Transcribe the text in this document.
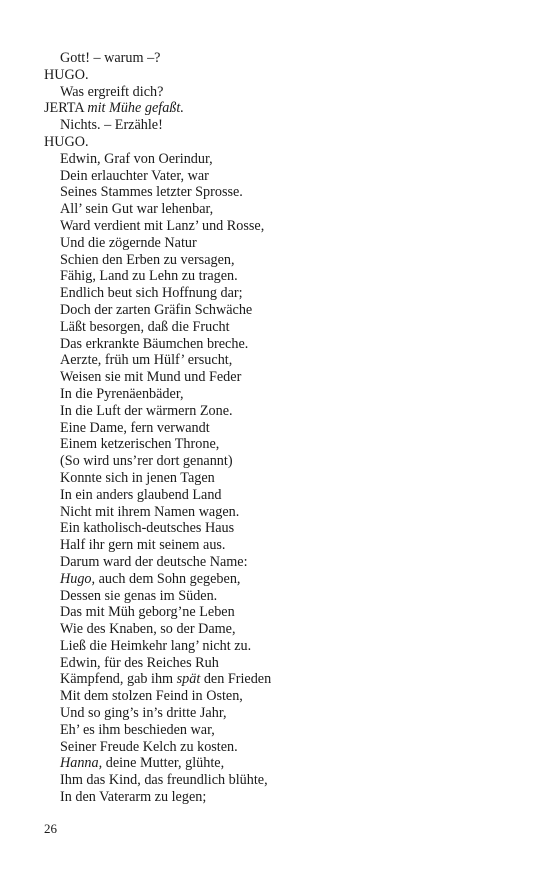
Gott! – warum –?
HUGO.
Was ergreift dich?
JERTA mit Mühe gefaßt.
Nichts. – Erzähle!
HUGO.
Edwin, Graf von Oerindur,
Dein erlauchter Vater, war
Seines Stammes letzter Sprosse.
All’ sein Gut war lehenbar,
Ward verdient mit Lanz’ und Rosse,
Und die zögernde Natur
Schien den Erben zu versagen,
Fähig, Land zu Lehn zu tragen.
Endlich beut sich Hoffnung dar;
Doch der zarten Gräfin Schwäche
Läßt besorgen, daß die Frucht
Das erkrankte Bäumchen breche.
Aerzte, früh um Hülf’ ersucht,
Weisen sie mit Mund und Feder
In die Pyrenäenbäder,
In die Luft der wärmern Zone.
Eine Dame, fern verwandt
Einem ketzerischen Throne,
(So wird uns’rer dort genannt)
Konnte sich in jenen Tagen
In ein anders glaubend Land
Nicht mit ihrem Namen wagen.
Ein katholisch-deutsches Haus
Half ihr gern mit seinem aus.
Darum ward der deutsche Name:
Hugo, auch dem Sohn gegeben,
Dessen sie genas im Süden.
Das mit Müh geborg’ne Leben
Wie des Knaben, so der Dame,
Ließ die Heimkehr lang’ nicht zu.
Edwin, für des Reiches Ruh
Kämpfend, gab ihm spät den Frieden
Mit dem stolzen Feind in Osten,
Und so ging’s in’s dritte Jahr,
Eh’ es ihm beschieden war,
Seiner Freude Kelch zu kosten.
Hanna, deine Mutter, glühte,
Ihm das Kind, das freundlich blühte,
In den Vaterarm zu legen;
26
